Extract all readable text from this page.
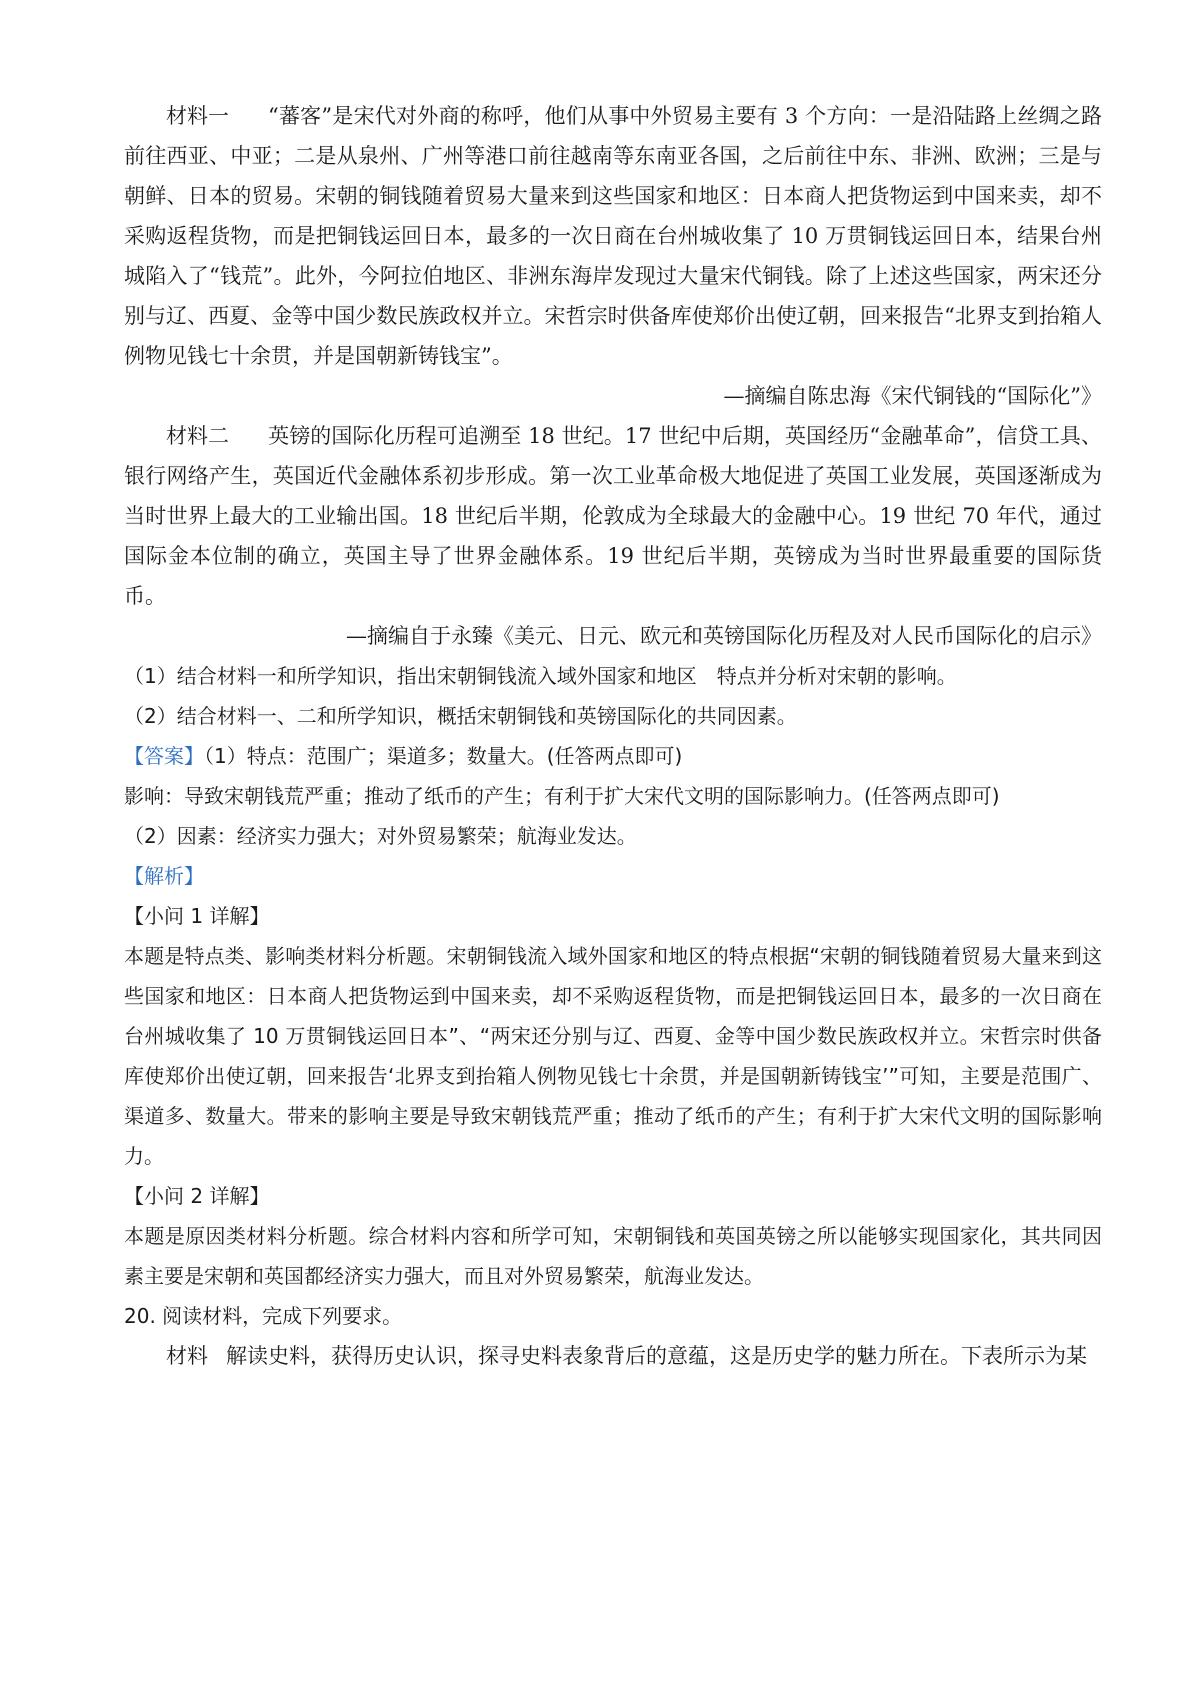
材料一 “蕃客”是宋代对外商的称呼，他们从事中外贸易主要有 3 个方向：一是沿陆路上丝绸之路前往西亚、中亚；二是从泉州、广州等港口前往越南等东南亚各国，之后前往中东、非洲、欧洲；三是与朝鲜、日本的贸易。宋朝的铜钱随着贸易大量来到这些国家和地区：日本商人把货物运到中国来卖，却不采购返程货物，而是把铜钱运回日本，最多的一次日商在台州城收集了 10 万贯铜钱运回日本，结果台州城陷入了“钱荒”。此外，今阿拉伯地区、非洲东海岸发现过大量宋代铜钱。除了上述这些国家，两宋还分别与辽、西夏、金等中国少数民族政权并立。宋哲宗时供备库使郑价出使辽朝，回来报告“北界支到抬箱人例物见钱七十余贯，并是国朝新铸钱宝”。

—摘编自陈忠海《宋代铜钱的“国际化”》

材料二 英镑的国际化历程可追溯至 18 世纪。17 世纪中后期，英国经历“金融革命”，信贷工具、银行网络产生，英国近代金融体系初步形成。第一次工业革命极大地促进了英国工业发展，英国逐渐成为当时世界上最大的工业输出国。18 世纪后半期，伦敦成为全球最大的金融中心。19 世纪 70 年代，通过国际金本位制的确立，英国主导了世界金融体系。19 世纪后半期，英镑成为当时世界最重要的国际货币。

—摘编自于永臻《美元、日元、欧元和英镑国际化历程及对人民币国际化的启示》

（1）结合材料一和所学知识，指出宋朝铜钱流入域外国家和地区　特点并分析对宋朝的影响。

（2）结合材料一、二和所学知识，概括宋朝铜钱和英镑国际化的共同因素。

【答案】（1）特点：范围广；渠道多；数量大。(任答两点即可)

影响：导致宋朝钱荒严重；推动了纸币的产生；有利于扩大宋代文明的国际影响力。(任答两点即可)

（2）因素：经济实力强大；对外贸易繁荣；航海业发达。

【解析】

【小问 1 详解】

本题是特点类、影响类材料分析题。宋朝铜钱流入域外国家和地区的特点根据“宋朝的铜钱随着贸易大量来到这些国家和地区：日本商人把货物运到中国来卖，却不采购返程货物，而是把铜钱运回日本，最多的一次日商在台州城收集了 10 万贯铜钱运回日本”、“两宋还分别与辽、西夏、金等中国少数民族政权并立。宋哲宗时供备库使郑价出使辽朝，回来报告‘北界支到抬箱人例物见钱七十余贯，并是国朝新铸钱宝’”可知，主要是范围广、渠道多、数量大。带来的影响主要是导致宋朝钱荒严重；推动了纸币的产生；有利于扩大宋代文明的国际影响力。

【小问 2 详解】

本题是原因类材料分析题。综合材料内容和所学可知，宋朝铜钱和英国英镑之所以能够实现国家化，其共同因素主要是宋朝和英国都经济实力强大，而且对外贸易繁荣，航海业发达。

20. 阅读材料，完成下列要求。

材料 解读史料，获得历史认识，探寻史料表象背后的意蕴，这是历史学的魅力所在。下表所示为某
